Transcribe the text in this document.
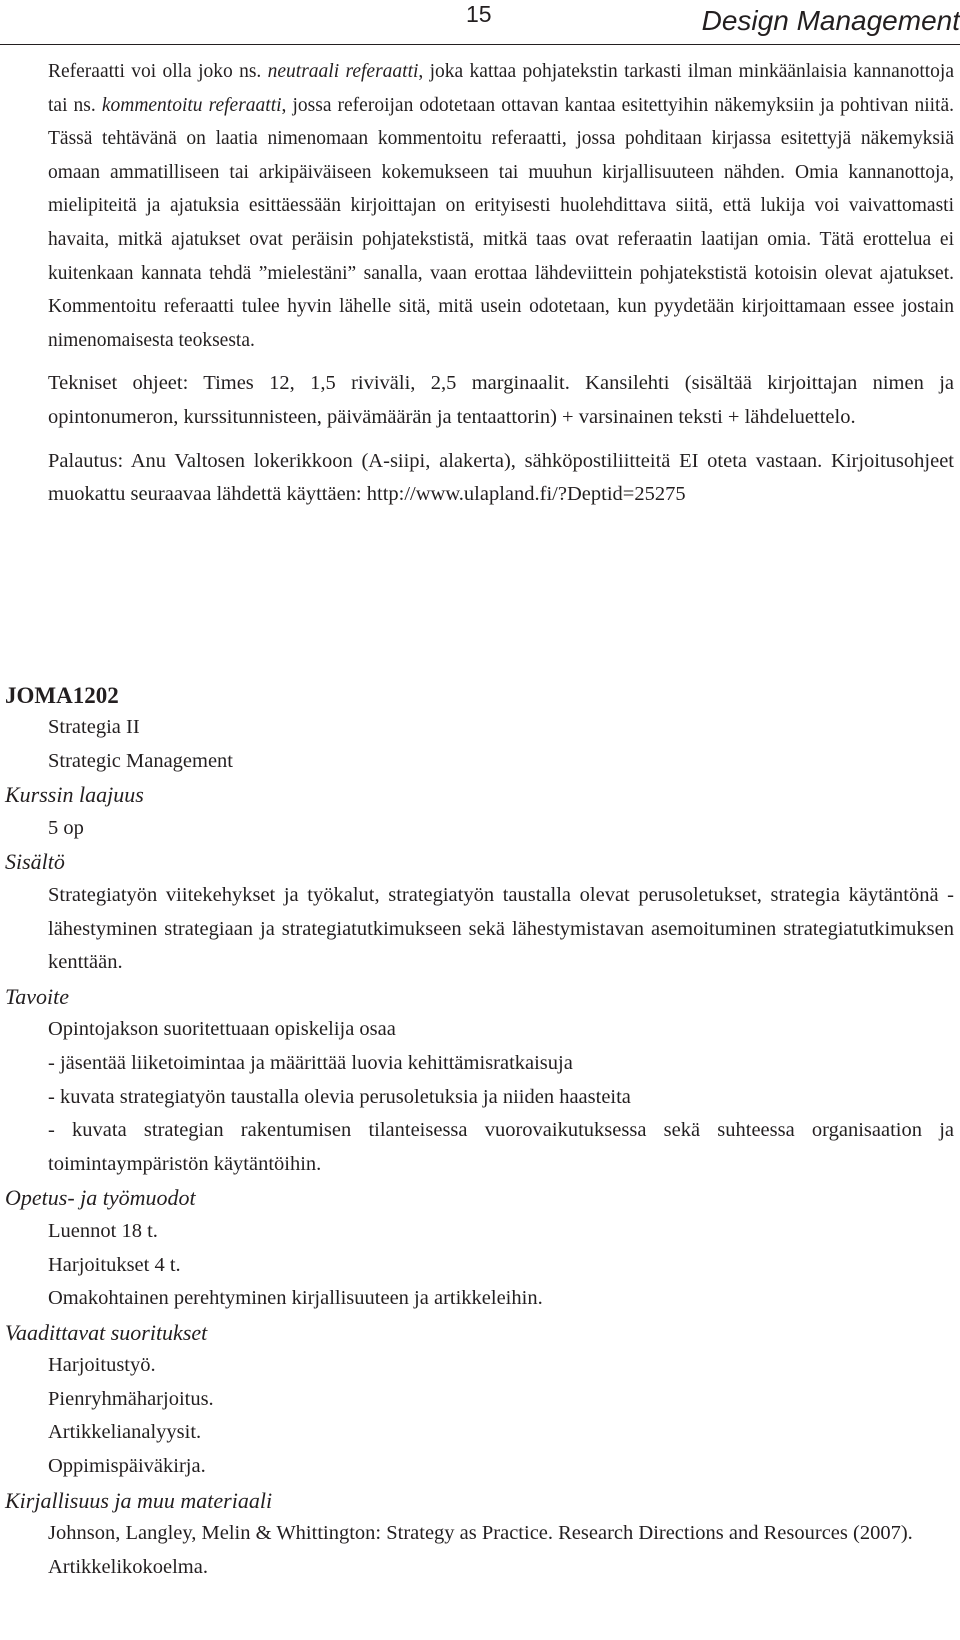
15	Design Management

Referaatti voi olla joko ns. neutraali referaatti, joka kattaa pohjatekstin tarkasti ilman minkäänlaisia kannanottoja tai ns. kommentoitu referaatti, jossa referoijan odotetaan ottavan kantaa esitettyihin näkemyksiin ja pohtivan niitä. Tässä tehtävänä on laatia nimenomaan kommentoitu referaatti, jossa pohditaan kirjassa esitettyjä näkemyksiä omaan ammatilliseen tai arkipäiväiseen kokemukseen tai muuhun kirjallisuuteen nähden. Omia kannanottoja, mielipiteitä ja ajatuksia esittäessään kirjoittajan on erityisesti huolehdittava siitä, että lukija voi vaivattomasti havaita, mitkä ajatukset ovat peräisin pohjatekstistä, mitkä taas ovat referaatin laatijan omia. Tätä erottelua ei kuitenkaan kannata tehdä ”mielestäni” sanalla, vaan erottaa lähdeviittein pohjatekstistä kotoisin olevat ajatukset. Kommentoitu referaatti tulee hyvin lähelle sitä, mitä usein odotetaan, kun pyydetään kirjoittamaan essee jostain nimenomaisesta teoksesta.

Tekniset ohjeet: Times 12, 1,5 riviväli, 2,5 marginaalit. Kansilehti (sisältää kirjoittajan nimen ja opintonumeron, kurssitunnisteen, päivämäärän ja tentaattorin) + varsinainen teksti + lähdeluettelo.

Palautus: Anu Valtosen lokerikkoon (A-siipi, alakerta), sähköpostiliitteitä EI oteta vastaan. Kirjoitusohjeet muokattu seuraavaa lähdettä käyttäen: http://www.ulapland.fi/?Deptid=25275

JOMA1202

Strategia II

Strategic Management

Kurssin laajuus

5 op

Sisältö

Strategiatyön viitekehykset ja työkalut, strategiatyön taustalla olevat perusoletukset, strategia käytäntönä -lähestyminen strategiaan ja strategiatutkimukseen sekä lähestymistavan asemoituminen strategiatutkimuksen kenttään.

Tavoite

Opintojakson suoritettuaan opiskelija osaa

- jäsentää liiketoimintaa ja määrittää luovia kehittämisratkaisuja

- kuvata strategiatyön taustalla olevia perusoletuksia ja niiden haasteita

- kuvata strategian rakentumisen tilanteisessa vuorovaikutuksessa sekä suhteessa organisaation ja toimintaympäristön käytäntöihin.

Opetus- ja työmuodot

Luennot 18 t.

Harjoitukset 4 t.

Omakohtainen perehtyminen kirjallisuuteen ja artikkeleihin.

Vaadittavat suoritukset

Harjoitustyö.

Pienryhmäharjoitus.

Artikkelianalyysit.

Oppimispäiväkirja.

Kirjallisuus ja muu materiaali

Johnson, Langley, Melin & Whittington: Strategy as Practice. Research Directions and Resources (2007).

Artikkelikokoelma.
